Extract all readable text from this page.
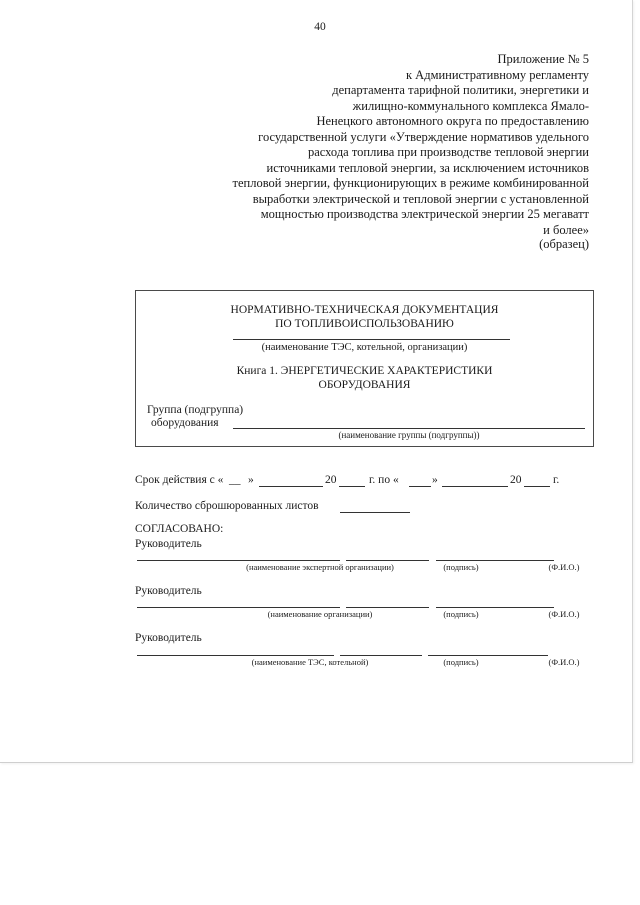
40
Приложение № 5
к Административному регламенту
департамента тарифной политики, энергетики и
жилищно-коммунального комплекса Ямало-
Ненецкого автономного округа по предоставлению
государственной услуги «Утверждение нормативов удельного
расхода топлива при производстве тепловой энергии
источниками тепловой энергии, за исключением источников
тепловой энергии, функционирующих в режиме комбинированной
выработки электрической и тепловой энергии с установленной
мощностью производства электрической энергии 25 мегаватт
и более»
(образец)
НОРМАТИВНО-ТЕХНИЧЕСКАЯ ДОКУМЕНТАЦИЯ
ПО ТОПЛИВОИСПОЛЬЗОВАНИЮ
(наименование ТЭС, котельной, организации)
Книга 1. ЭНЕРГЕТИЧЕСКИЕ ХАРАКТЕРИСТИКИ
ОБОРУДОВАНИЯ
Группа (подгруппа)
оборудования
(наименование группы (подгруппы))
Срок действия с « __ »	20	г. по «	»	20	г.
Количество сброшюрованных листов
СОГЛАСОВАНО:
Руководитель
(наименование экспертной организации)	(подпись)	(Ф.И.О.)
Руководитель
(наименование организации)	(подпись)	(Ф.И.О.)
Руководитель
(наименование ТЭС, котельной)	(подпись)	(Ф.И.О.)
